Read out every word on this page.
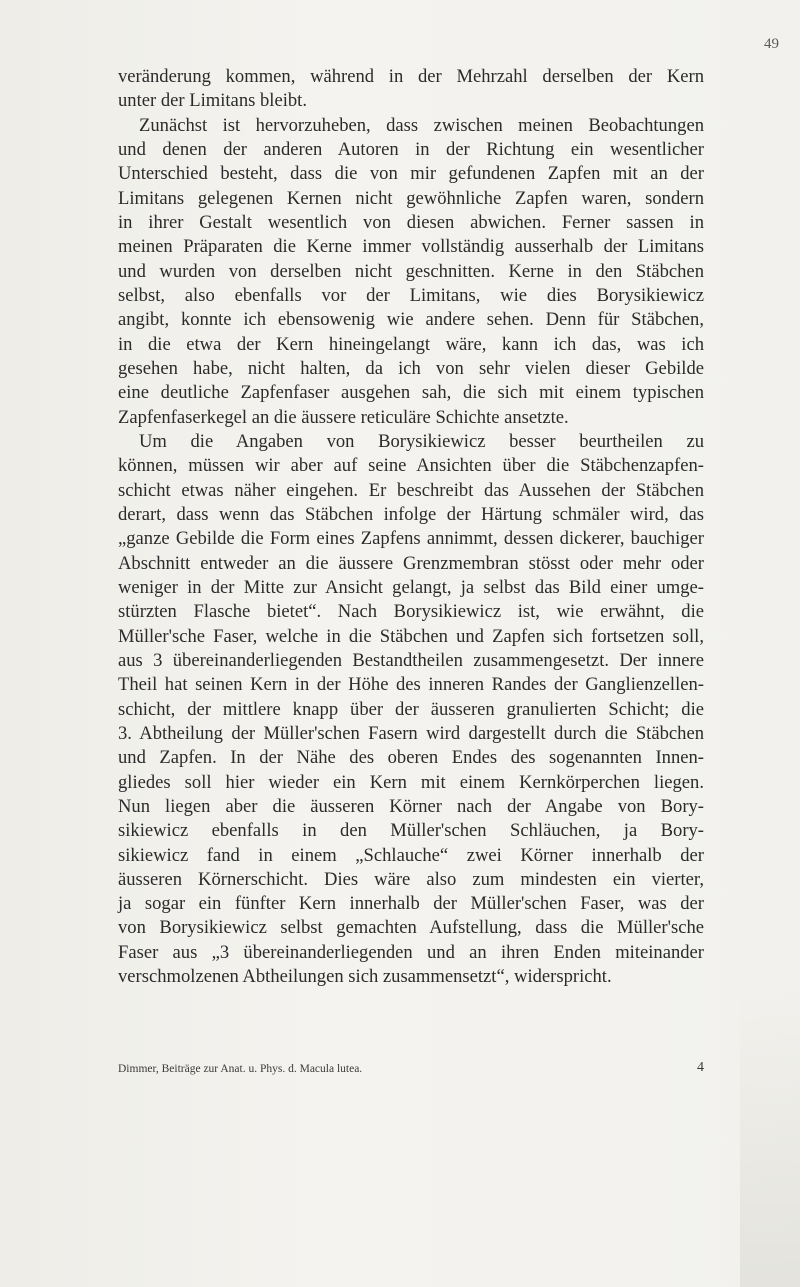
49
veränderung kommen, während in der Mehrzahl derselben der Kern
unter der Limitans bleibt.
Zunächst ist hervorzuheben, dass zwischen meinen Beobachtungen
und denen der anderen Autoren in der Richtung ein wesentlicher
Unterschied besteht, dass die von mir gefundenen Zapfen mit an der
Limitans gelegenen Kernen nicht gewöhnliche Zapfen waren, sondern
in ihrer Gestalt wesentlich von diesen abwichen. Ferner sassen in
meinen Präparaten die Kerne immer vollständig ausserhalb der Limitans
und wurden von derselben nicht geschnitten. Kerne in den Stäbchen
selbst, also ebenfalls vor der Limitans, wie dies Borysikiewicz
angibt, konnte ich ebensowenig wie andere sehen. Denn für Stäbchen,
in die etwa der Kern hineingelangt wäre, kann ich das, was ich
gesehen habe, nicht halten, da ich von sehr vielen dieser Gebilde
eine deutliche Zapfenfaser ausgehen sah, die sich mit einem typischen
Zapfenfaserkegel an die äussere reticuläre Schichte ansetzte.
Um die Angaben von Borysikiewicz besser beurtheilen zu
können, müssen wir aber auf seine Ansichten über die Stäbchenzapfen-
schicht etwas näher eingehen. Er beschreibt das Aussehen der Stäbchen
derart, dass wenn das Stäbchen infolge der Härtung schmäler wird, das
„ganze Gebilde die Form eines Zapfens annimmt, dessen dickerer, bauchiger
Abschnitt entweder an die äussere Grenzmembran stösst oder mehr oder
weniger in der Mitte zur Ansicht gelangt, ja selbst das Bild einer umge-
stürzten Flasche bietet“. Nach Borysikiewicz ist, wie erwähnt, die
Müller'sche Faser, welche in die Stäbchen und Zapfen sich fortsetzen soll,
aus 3 übereinanderliegenden Bestandtheilen zusammengesetzt. Der innere
Theil hat seinen Kern in der Höhe des inneren Randes der Ganglienzellen-
schicht, der mittlere knapp über der äusseren granulierten Schicht; die
3. Abtheilung der Müller'schen Fasern wird dargestellt durch die Stäbchen
und Zapfen. In der Nähe des oberen Endes des sogenannten Innen-
gliedes soll hier wieder ein Kern mit einem Kernkörperchen liegen.
Nun liegen aber die äusseren Körner nach der Angabe von Bory-
sikiewicz ebenfalls in den Müller'schen Schläuchen, ja Bory-
sikiewicz fand in einem „Schlauche“ zwei Körner innerhalb der
äusseren Körnerschicht. Dies wäre also zum mindesten ein vierter,
ja sogar ein fünfter Kern innerhalb der Müller'schen Faser, was der
von Borysikiewicz selbst gemachten Aufstellung, dass die Müller'sche
Faser aus „3 übereinanderliegenden und an ihren Enden miteinander
verschmolzenen Abtheilungen sich zusammensetzt“, widerspricht.
Dimmer, Beiträge zur Anat. u. Phys. d. Macula lutea.	4
